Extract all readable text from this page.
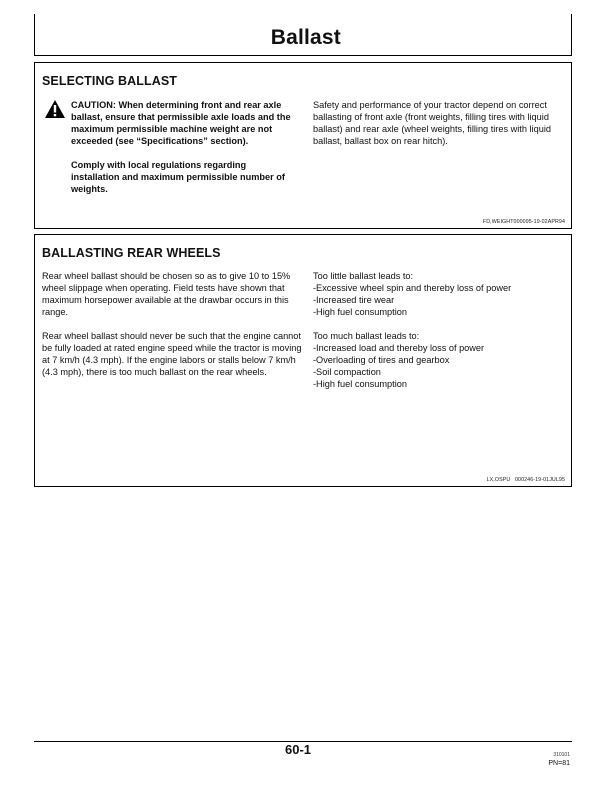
Ballast
SELECTING BALLAST

CAUTION: When determining front and rear axle ballast, ensure that permissible axle loads and the maximum permissible machine weight are not exceeded (see “Specifications” section).

Comply with local regulations regarding installation and maximum permissible number of weights.

Safety and performance of your tractor depend on correct ballasting of front axle (front weights, filling tires with liquid ballast) and rear axle (wheel weights, filling tires with liquid ballast, ballast box on rear hitch).

FD,WEIGHT000095-19-02APR94
BALLASTING REAR WHEELS

Rear wheel ballast should be chosen so as to give 10 to 15% wheel slippage when operating. Field tests have shown that maximum horsepower available at the drawbar occurs in this range.

Rear wheel ballast should never be such that the engine cannot be fully loaded at rated engine speed while the tractor is moving at 7 km/h (4.3 mph). If the engine labors or stalls below 7 km/h (4.3 mph), there is too much ballast on the rear wheels.

Too little ballast leads to:
-Excessive wheel spin and thereby loss of power
-Increased tire wear
-High fuel consumption
Too much ballast leads to:
-Increased load and thereby loss of power
-Overloading of tires and gearbox
-Soil compaction
-High fuel consumption
LX,OSPU   000246-19-01JUL95
60-1	310101
PN=81
